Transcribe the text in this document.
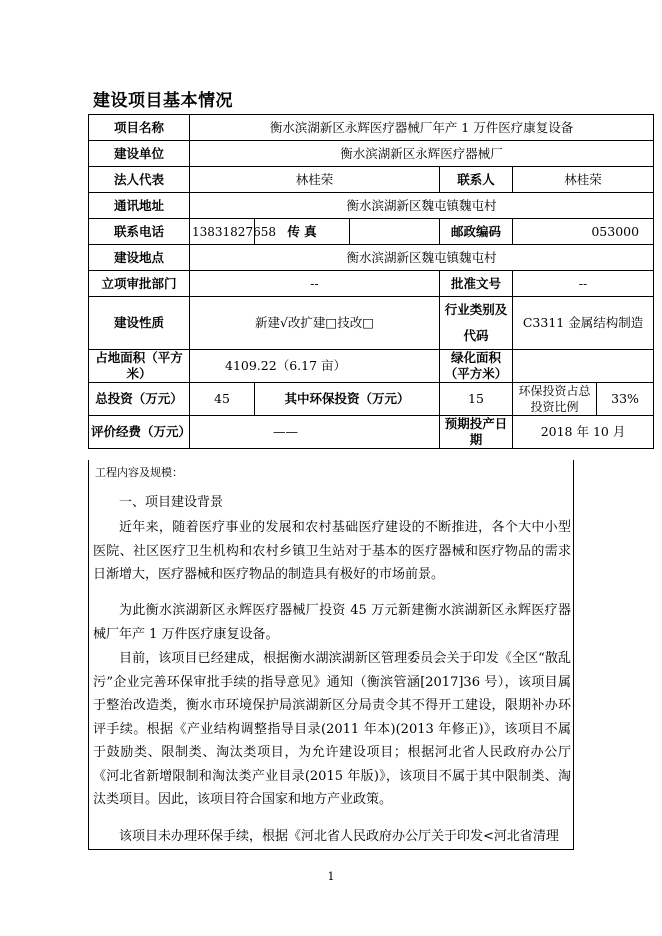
建设项目基本情况
项目名称	衡水滨湖新区永辉医疗器械厂年产 1 万件医疗康复设备					
建设单位	衡水滨湖新区永辉医疗器械厂					
法人代表	林桂荣			联系人	林桂荣	
通讯地址	衡水滨湖新区魏屯镇魏屯村					
联系电话	13831827658	传 真		邮政编码	053000	
建设地点	衡水滨湖新区魏屯镇魏屯村					
立项审批部门	--			批准文号	--	
建设性质	新建√改扩建□技改□			行业类别及代码	C3311 金属结构制造	
占地面积（平方米）	4109.22（6.17 亩）			绿化面积（平方米）		
总投资（万元）	45	其中环保投资（万元）		15	环保投资占总投资比例	33%
评价经费（万元）	——			预期投产日期	2018 年 10 月	
工程内容及规模：
一、项目建设背景

近年来，随着医疗事业的发展和农村基础医疗建设的不断推进，各个大中小型医院、社区医疗卫生机构和农村乡镇卫生站对于基本的医疗器械和医疗物品的需求日渐增大，医疗器械和医疗物品的制造具有极好的市场前景。

为此衡水滨湖新区永辉医疗器械厂投资 45 万元新建衡水滨湖新区永辉医疗器械厂年产 1 万件医疗康复设备。

目前，该项目已经建成，根据衡水湖滨湖新区管理委员会关于印发《全区“散乱污”企业完善环保审批手续的指导意见》通知（衡滨管涵[2017]36 号），该项目属于整治改造类，衡水市环境保护局滨湖新区分局责令其不得开工建设，限期补办环评手续。根据《产业结构调整指导目录(2011 年本)(2013 年修正)》，该项目不属于鼓励类、限制类、淘汰类项目，为允许建设项目；根据河北省人民政府办公厅《河北省新增限制和淘汰类产业目录(2015 年版)》，该项目不属于其中限制类、淘汰类项目。因此，该项目符合国家和地方产业政策。

该项目未办理环保手续，根据《河北省人民政府办公厅关于印发<河北省清理

1
